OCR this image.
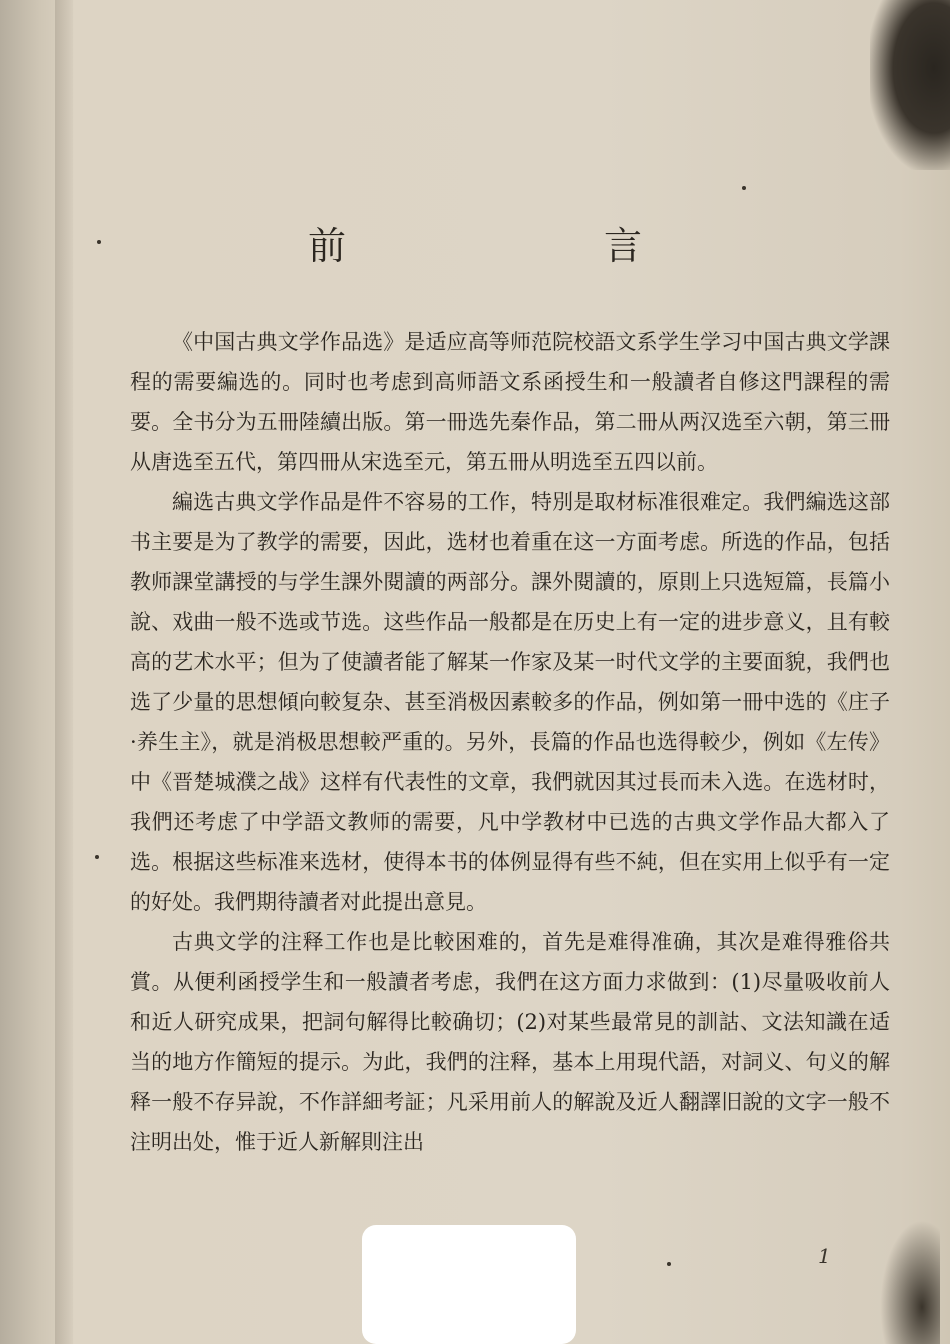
前　言

《中国古典文学作品选》是适应高等师范院校語文系学生学习中国古典文学課程的需要編选的。同时也考虑到高师語文系函授生和一般讀者自修这門課程的需要。全书分为五冊陸續出版。第一冊选先秦作品，第二冊从两汉选至六朝，第三冊从唐选至五代，第四冊从宋选至元，第五冊从明选至五四以前。

編选古典文学作品是件不容易的工作，特別是取材标准很难定。我們編选这部书主要是为了教学的需要，因此，选材也着重在这一方面考虑。所选的作品，包括教师課堂講授的与学生課外閱讀的两部分。課外閱讀的，原則上只选短篇，長篇小說、戏曲一般不选或节选。这些作品一般都是在历史上有一定的进步意义，且有較高的艺术水平；但为了使讀者能了解某一作家及某一时代文学的主要面貌，我們也选了少量的思想傾向較复杂、甚至消极因素較多的作品，例如第一冊中选的《庄子·养生主》，就是消极思想較严重的。另外，長篇的作品也选得較少，例如《左传》中《晋楚城濮之战》这样有代表性的文章，我們就因其过長而未入选。在选材时，我們还考虑了中学語文教师的需要，凡中学教材中已选的古典文学作品大都入了选。根据这些标准来选材，使得本书的体例显得有些不純，但在实用上似乎有一定的好处。我們期待讀者对此提出意見。

古典文学的注释工作也是比較困难的，首先是难得准确，其次是难得雅俗共賞。从便利函授学生和一般讀者考虑，我們在这方面力求做到：(1)尽量吸收前人和近人研究成果，把詞句解得比較确切；(2)对某些最常見的訓詁、文法知識在适当的地方作簡短的提示。为此，我們的注释，基本上用現代語，对詞义、句义的解释一般不存异說，不作詳細考証；凡采用前人的解說及近人翻譯旧說的文字一般不注明出处，惟于近人新解則注出

1
